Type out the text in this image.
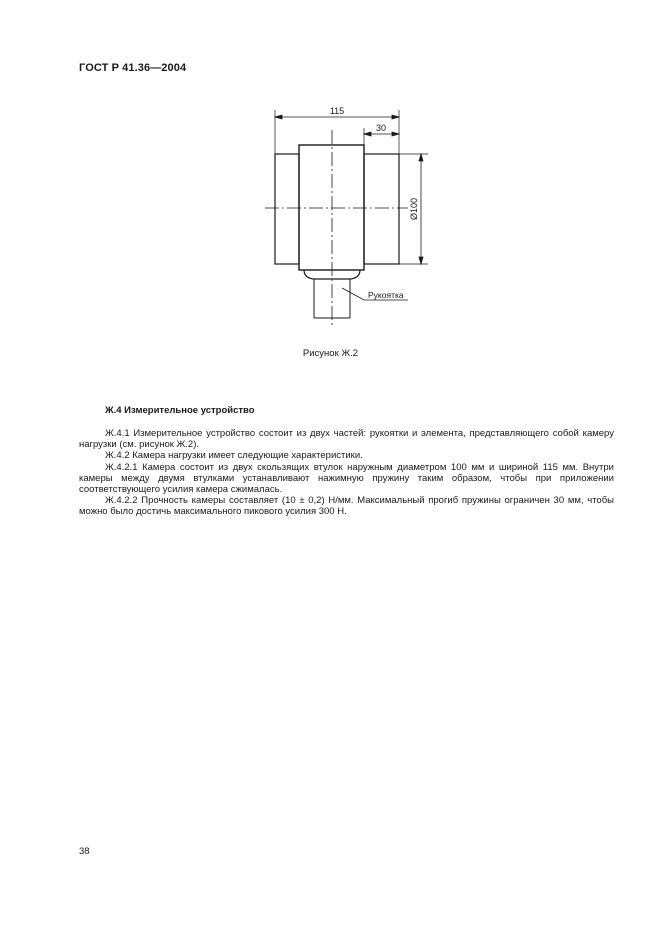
ГОСТ Р 41.36—2004
115
30
Ø100
Рукоятка
Рисунок Ж.2
Ж.4 Измерительное устройство

Ж.4.1 Измерительное устройство состоит из двух частей: рукоятки и элемента, представляющего собой камеру нагрузки (см. рисунок Ж.2).

Ж.4.2 Камера нагрузки имеет следующие характеристики.

Ж.4.2.1 Камера состоит из двух скользящих втулок наружным диаметром 100 мм и шириной 115 мм. Внутри камеры между двумя втулками устанавливают нажимную пружину таким образом, чтобы при приложении соответствующего усилия камера сжималась.

Ж.4.2.2 Прочность камеры составляет (10 ± 0,2) Н/мм. Максимальный прогиб пружины ограничен 30 мм, чтобы можно было достичь максимального пикового усилия 300 Н.

38
